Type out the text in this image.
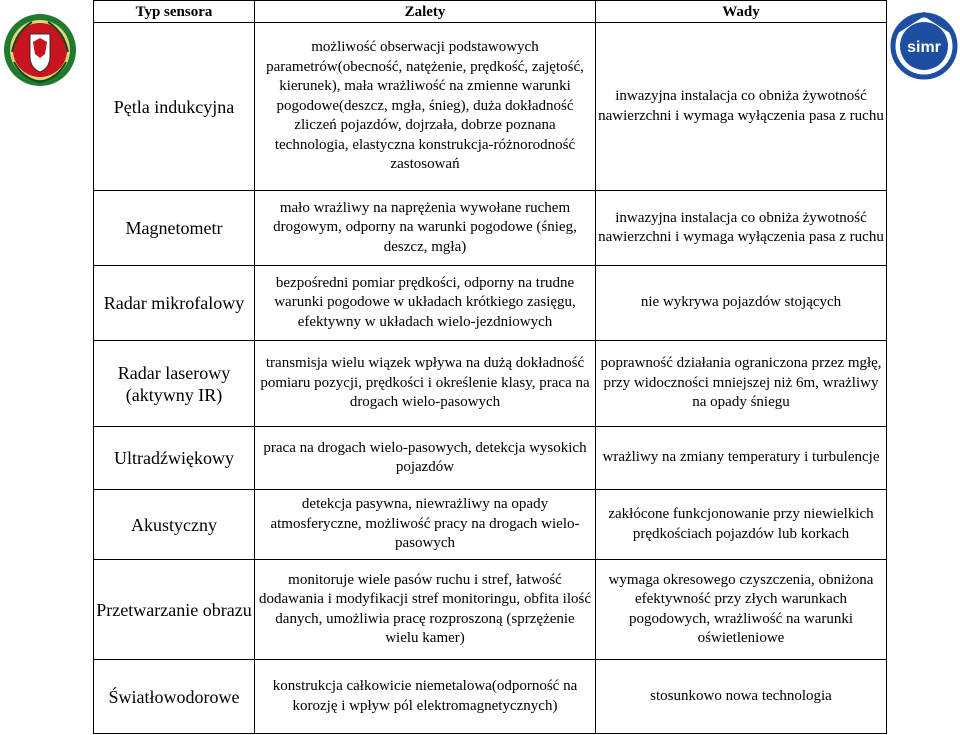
simr
Typ sensora	Zalety	Wady
Pętla indukcyjna	możliwość obserwacji podstawowych parametrów(obecność, natężenie, prędkość, zajętość, kierunek), mała wrażliwość na zmienne warunki pogodowe(deszcz, mgła, śnieg), duża dokładność zliczeń pojazdów, dojrzała, dobrze poznana technologia, elastyczna konstrukcja-różnorodność zastosowań	inwazyjna instalacja co obniża żywotność nawierzchni i wymaga wyłączenia pasa z ruchu
Magnetometr	mało wrażliwy na naprężenia wywołane ruchem drogowym, odporny na warunki pogodowe (śnieg, deszcz, mgła)	inwazyjna instalacja co obniża żywotność nawierzchni i wymaga wyłączenia pasa z ruchu
Radar mikrofalowy	bezpośredni pomiar prędkości, odporny na trudne warunki pogodowe w układach krótkiego zasięgu, efektywny w układach wielo-jezdniowych	nie wykrywa pojazdów stojących
Radar laserowy (aktywny IR)	transmisja wielu wiązek wpływa na dużą dokładność pomiaru pozycji, prędkości i określenie klasy, praca na drogach wielo-pasowych	poprawność działania ograniczona przez mgłę, przy widoczności mniejszej niż 6m, wrażliwy na opady śniegu
Ultradźwiękowy	praca na drogach wielo-pasowych, detekcja wysokich pojazdów	wrażliwy na zmiany temperatury i turbulencje
Akustyczny	detekcja pasywna, niewrażliwy na opady atmosferyczne, możliwość pracy na drogach wielo-pasowych	zakłócone funkcjonowanie przy niewielkich prędkościach pojazdów lub korkach
Przetwarzanie obrazu	monitoruje wiele pasów ruchu i stref, łatwość dodawania i modyfikacji stref monitoringu, obfita ilość danych, umożliwia pracę rozproszoną (sprzężenie wielu kamer)	wymaga okresowego czyszczenia, obniżona efektywność przy złych warunkach pogodowych, wrażliwość na warunki oświetleniowe
Światłowodorowe	konstrukcja całkowicie niemetalowa(odporność na korozję i wpływ pól elektromagnetycznych)	stosunkowo nowa technologia
